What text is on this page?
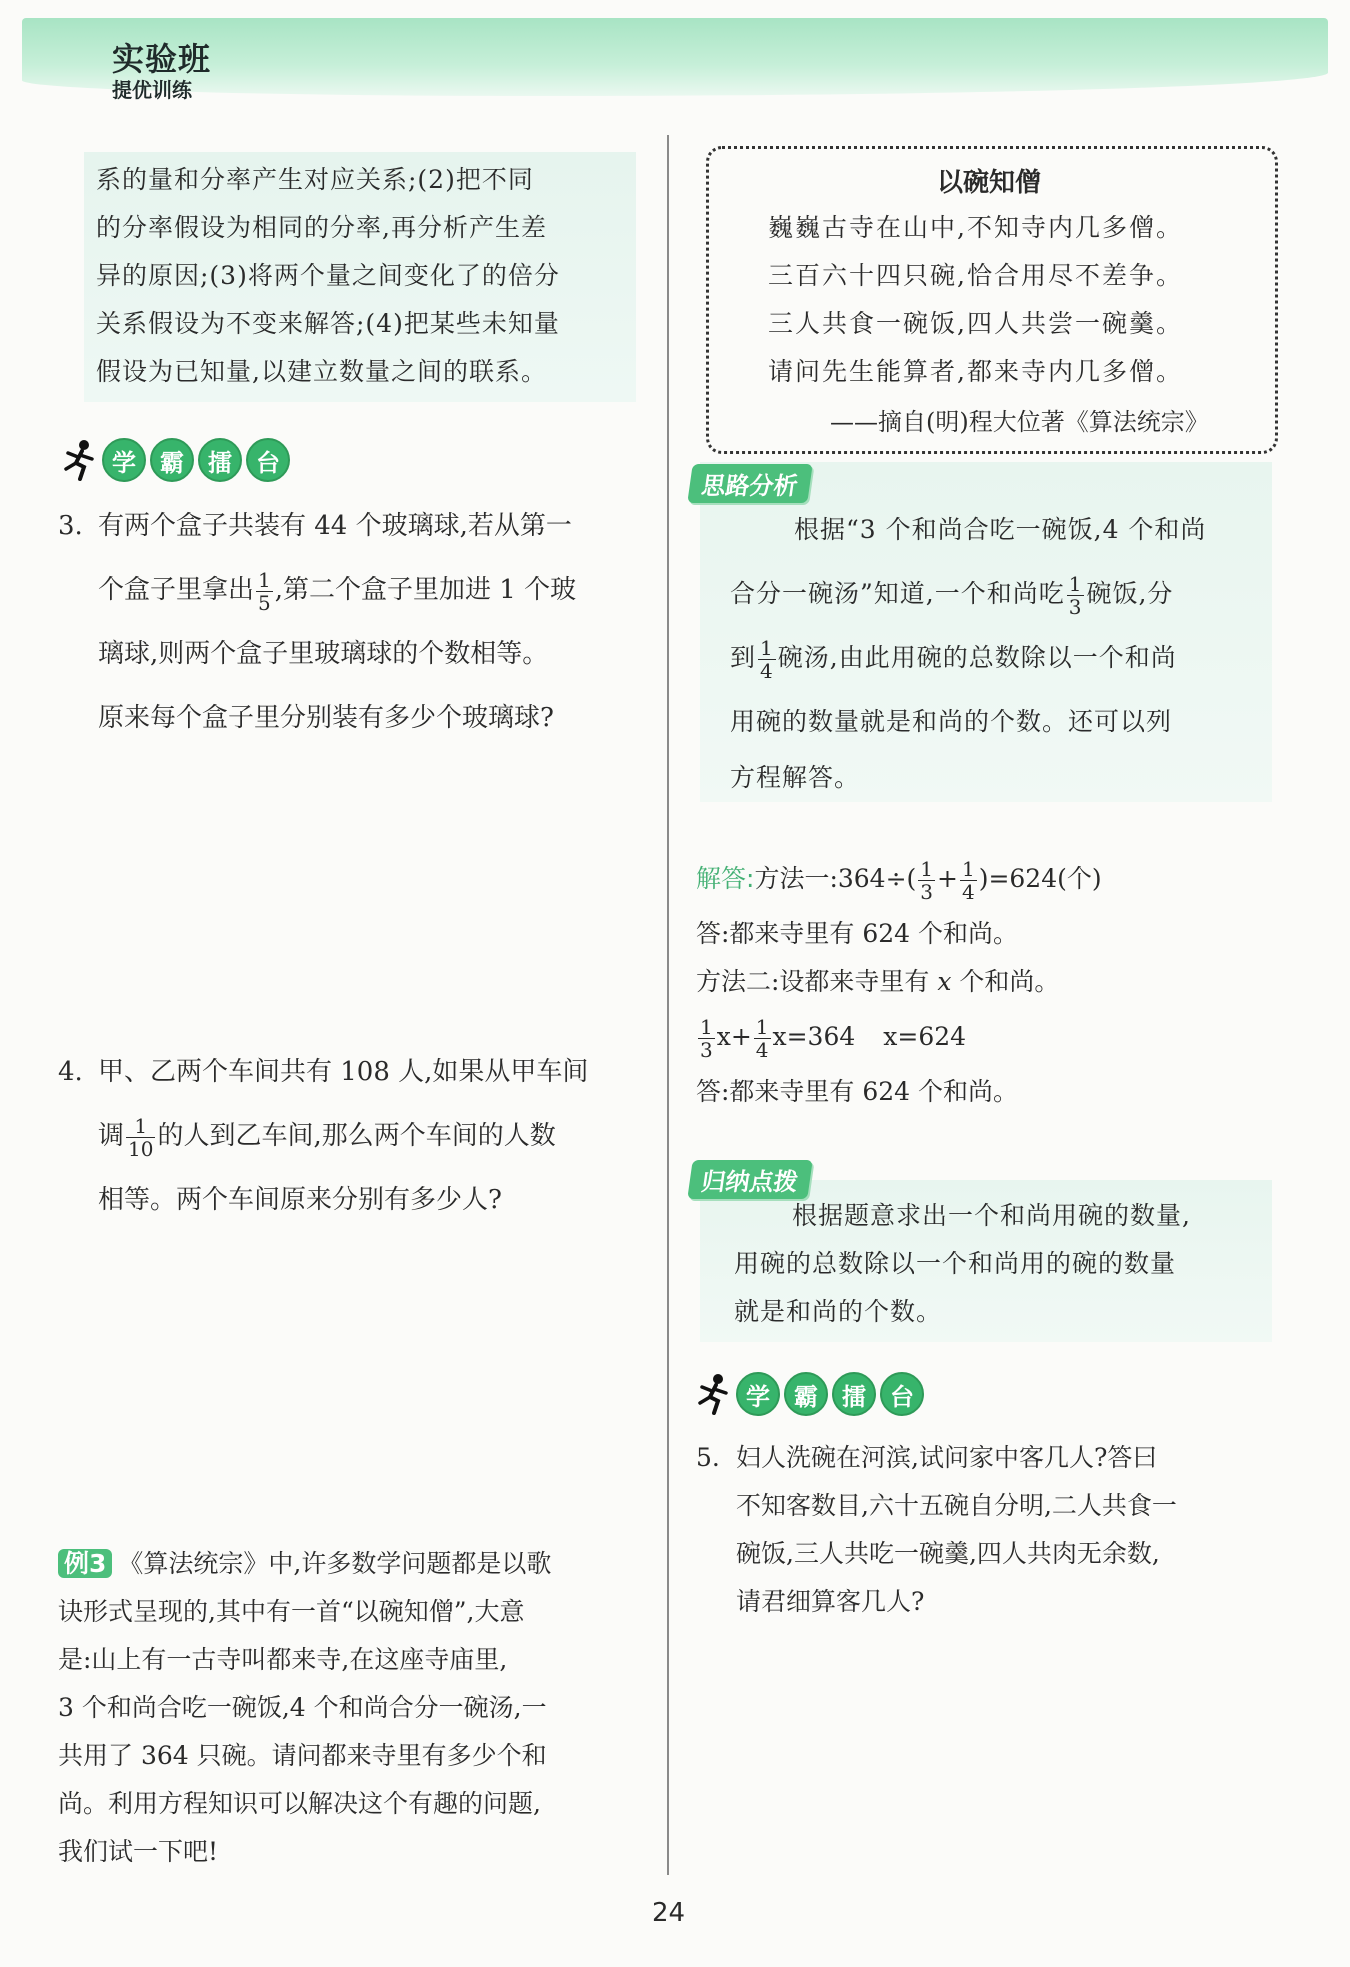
实验班
提优训练
系的量和分率产生对应关系;(2)把不同
的分率假设为相同的分率,再分析产生差
异的原因;(3)将两个量之间变化了的倍分
关系假设为不变来解答;(4)把某些未知量
假设为已知量,以建立数量之间的联系。
学	霸	擂	台
3. 有两个盒子共装有 44 个玻璃球,若从第一
个盒子里拿出 $\frac{1}{5}$ ,第二个盒子里加进 1 个玻
璃球,则两个盒子里玻璃球的个数相等。
原来每个盒子里分别装有多少个玻璃球?
4. 甲、乙两个车间共有 108 人,如果从甲车间
调 $\frac{1}{10}$ 的人到乙车间,那么两个车间的人数
相等。两个车间原来分别有多少人?
例3 《算法统宗》中,许多数学问题都是以歌
诀形式呈现的,其中有一首“以碗知僧”,大意
是:山上有一古寺叫都来寺,在这座寺庙里,
3 个和尚合吃一碗饭,4 个和尚合分一碗汤,一
共用了 364 只碗。请问都来寺里有多少个和
尚。利用方程知识可以解决这个有趣的问题,
我们试一下吧!
以碗知僧
巍巍古寺在山中,不知寺内几多僧。
三百六十四只碗,恰合用尽不差争。
三人共食一碗饭,四人共尝一碗羹。
请问先生能算者,都来寺内几多僧。
——摘自(明)程大位著《算法统宗》
思路分析
根据“3 个和尚合吃一碗饭,4 个和尚
合分一碗汤”知道,一个和尚吃 $\frac{1}{3}$ 碗饭,分
到 $\frac{1}{4}$ 碗汤,由此用碗的总数除以一个和尚
用碗的数量就是和尚的个数。还可以列
方程解答。
解答:方法一:364÷( $\frac{1}{3} + \frac{1}{4} )=624$(个)
答:都来寺里有 624 个和尚。
方法二:设都来寺里有 x 个和尚。
$\frac{1}{3} x+ \frac{1}{4} x=364$ x=624
答:都来寺里有 624 个和尚。
归纳点拨
根据题意求出一个和尚用碗的数量,
用碗的总数除以一个和尚用的碗的数量
就是和尚的个数。
学	霸	擂	台
5. 妇人洗碗在河滨,试问家中客几人?答曰
不知客数目,六十五碗自分明,二人共食一
碗饭,三人共吃一碗羹,四人共肉无余数,
请君细算客几人?
24
